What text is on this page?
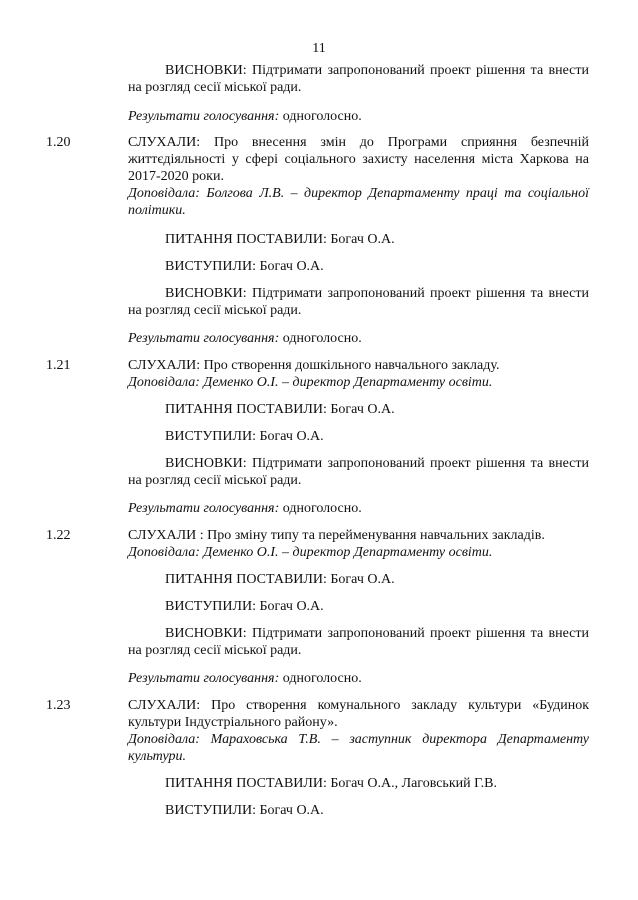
11

ВИСНОВКИ: Підтримати запропонований проект рішення та внести на розгляд сесії міської ради.

Результати голосування: одноголосно.

1.20	СЛУХАЛИ: Про внесення змін до Програми сприяння безпечній життєдіяльності у сфері соціального захисту населення міста Харкова на 2017-2020 роки.

Доповідала: Болгова Л.В. – директор Департаменту праці та соціальної політики.

ПИТАННЯ ПОСТАВИЛИ: Богач О.А.

ВИСТУПИЛИ: Богач О.А.

ВИСНОВКИ: Підтримати запропонований проект рішення та внести на розгляд сесії міської ради.

Результати голосування: одноголосно.

1.21	СЛУХАЛИ: Про створення дошкільного навчального закладу.

Доповідала: Деменко О.І. – директор Департаменту освіти.

ПИТАННЯ ПОСТАВИЛИ: Богач О.А.

ВИСТУПИЛИ: Богач О.А.

ВИСНОВКИ: Підтримати запропонований проект рішення та внести на розгляд сесії міської ради.

Результати голосування: одноголосно.

1.22	СЛУХАЛИ : Про зміну типу та перейменування навчальних закладів.

Доповідала: Деменко О.І. – директор Департаменту освіти.

ПИТАННЯ ПОСТАВИЛИ: Богач О.А.

ВИСТУПИЛИ: Богач О.А.

ВИСНОВКИ: Підтримати запропонований проект рішення та внести на розгляд сесії міської ради.

Результати голосування: одноголосно.

1.23	СЛУХАЛИ: Про створення комунального закладу культури «Будинок культури Індустріального району».

Доповідала: Мараховська Т.В. – заступник директора Департаменту культури.

ПИТАННЯ ПОСТАВИЛИ: Богач О.А., Лаговський Г.В.

ВИСТУПИЛИ: Богач О.А.
